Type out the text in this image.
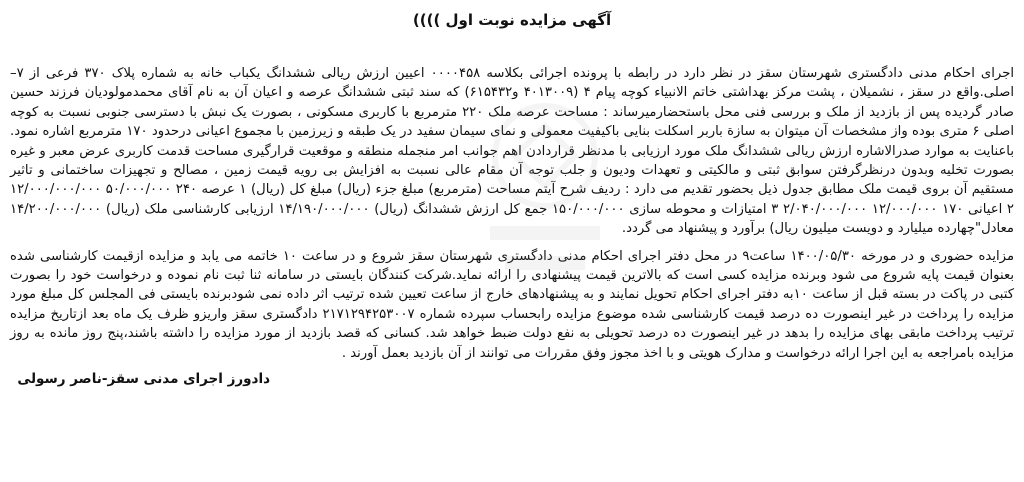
آگهی مزایده نوبت اول ))))

اجرای احکام مدنی دادگستری شهرستان سقز در نظر دارد در رابطه با پرونده اجرائی بکلاسه ۰۰۰۰۴۵۸ اعیین ارزش ریالی ششدانگ یکباب خانه به شماره پلاک ۳۷۰ فرعی از ۷– اصلی.واقع در سقز ، نشمیلان ، پشت مرکز بهداشتی خاتم الانبیاء کوچه پیام ۴ (۴۰۱۳۰۰۹ و۶۱۵۴۳۲) که سند ثبتی ششدانگ عرصه و اعیان آن به نام آقای محمدمولودیان فرزند حسین صادر گردیده پس از بازدید از ملک و بررسی فنی محل باستحضارمیرساند : مساحت عرصه ملک ۲۲۰ مترمربع با کاربری مسکونی ، بصورت یک نبش با دسترسی جنوبی نسبت به کوچه اصلی ۶ متری بوده واز مشخصات آن میتوان به سازة باربر اسکلت بنایی باکیفیت معمولی و نمای سیمان سفید در یک طبقه و زیرزمین با مجموع اعیانی درحدود ۱۷۰ مترمربع اشاره نمود. باعنایت به موارد صدرالاشاره ارزش ریالی ششدانگ ملک مورد ارزیابی با مدنظر قراردادن اهم جوانب امر منجمله منطقه و موقعیت قرارگیری مساحت قدمت کاربری عرض معبر و غیره بصورت تخلیه وبدون درنظرگرفتن سوابق ثبتی و مالکیتی و تعهدات ودیون و جلب توجه آن مقام عالی نسبت به افزایش بی رویه قیمت زمین ، مصالح و تجهیزات ساختمانی و تاثیر مستقیم آن بروی قیمت ملک مطابق جدول ذیل بحضور تقدیم می دارد : ردیف شرح آیتم مساحت (مترمربع) مبلغ جزء (ریال) مبلغ کل (ریال) ۱ عرصه ۲۴۰ ۵۰/۰۰۰/۰۰۰ ۱۲/۰۰۰/۰۰۰/۰۰۰ ۲ اعیانی ۱۷۰ ۱۲/۰۰۰/۰۰۰ ۲/۰۴۰/۰۰۰/۰۰۰ ۳ امتیازات و محوطه سازی ۱۵۰/۰۰۰/۰۰۰ جمع کل ارزش ششدانگ (ریال) ۱۴/۱۹۰/۰۰۰/۰۰۰ ارزیابی کارشناسی ملک (ریال) ۱۴/۲۰۰/۰۰۰/۰۰۰ معادل"چهارده میلیارد و دویست میلیون ریال) برآورد و پیشنهاد می گردد.

مزایده حضوری و در مورخه ۱۴۰۰/۰۵/۳۰ ساعت۹ در محل دفتر اجرای احکام مدنی دادگستری شهرستان سقز شروع و در ساعت ۱۰ خاتمه می یابد و مزایده ازقیمت کارشناسی شده بعنوان قیمت پایه شروع می شود وبرنده مزایده کسی است که بالاترین قیمت پیشنهادی را ارائه نماید.شرکت کنندگان بایستی در سامانه ثنا ثبت نام نموده و درخواست خود را بصورت کتبی در پاکت در بسته قبل از ساعت ۱۰به دفتر اجرای احکام تحویل نمایند و به پیشنهادهای خارج از ساعت تعیین شده ترتیب اثر داده نمی شودبرنده بایستی فی المجلس کل مبلغ مورد مزایده را پرداخت در غیر اینصورت ده درصد قیمت کارشناسی شده موضوع مزایده رابحساب سپرده شماره ۲۱۷۱۲۹۴۲۵۳۰۰۷ دادگستری سقز واریزو ظرف یک ماه بعد ازتاریخ مزایده ترتیب پرداخت مابقی بهای مزایده را بدهد در غیر اینصورت ده درصد تحویلی به نفع دولت ضبط خواهد شد. کسانی که قصد بازدید از مورد مزایده را داشته باشند،پنج روز مانده به روز مزایده بامراجعه به این اجرا ارائه درخواست و مدارک هویتی و با اخذ مجوز وفق مقررات می توانند از آن بازدید بعمل آورند .

دادورز اجرای مدنی سقز-ناصر رسولی
